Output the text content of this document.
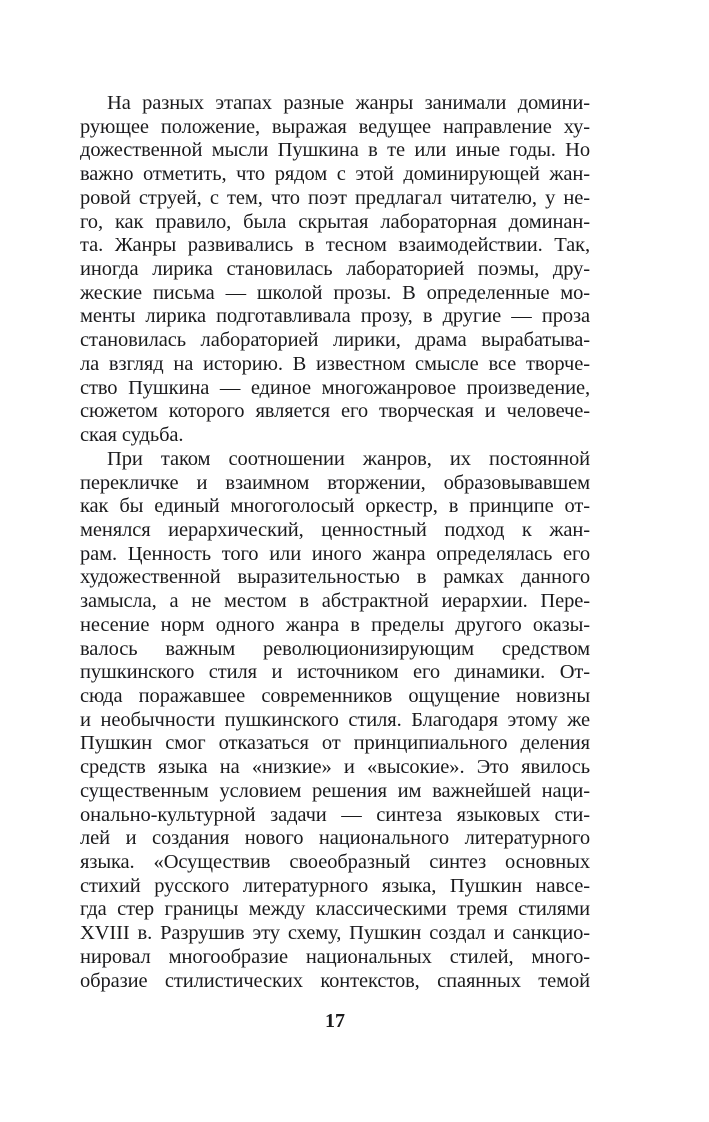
На разных этапах разные жанры занимали домини-
рующее положение, выражая ведущее направление ху-
дожественной мысли Пушкина в те или иные годы. Но
важно отметить, что рядом с этой доминирующей жан-
ровой струей, с тем, что поэт предлагал читателю, у не-
го, как правило, была скрытая лабораторная доминан-
та. Жанры развивались в тесном взаимодействии. Так,
иногда лирика становилась лабораторией поэмы, дру-
жеские письма — школой прозы. В определенные мо-
менты лирика подготавливала прозу, в другие — проза
становилась лабораторией лирики, драма вырабатыва-
ла взгляд на историю. В известном смысле все творче-
ство Пушкина — единое многожанровое произведение,
сюжетом которого является его творческая и человече-
ская судьба.
При таком соотношении жанров, их постоянной
перекличке и взаимном вторжении, образовывавшем
как бы единый многоголосый оркестр, в принципе от-
менялся иерархический, ценностный подход к жан-
рам. Ценность того или иного жанра определялась его
художественной выразительностью в рамках данного
замысла, а не местом в абстрактной иерархии. Пере-
несение норм одного жанра в пределы другого оказы-
валось важным революционизирующим средством
пушкинского стиля и источником его динамики. От-
сюда поражавшее современников ощущение новизны
и необычности пушкинского стиля. Благодаря этому же
Пушкин смог отказаться от принципиального деления
средств языка на «низкие» и «высокие». Это явилось
существенным условием решения им важнейшей наци-
онально-культурной задачи — синтеза языковых сти-
лей и создания нового национального литературного
языка. «Осуществив своеобразный синтез основных
стихий русского литературного языка, Пушкин навсе-
гда стер границы между классическими тремя стилями
XVIII в. Разрушив эту схему, Пушкин создал и санкцио-
нировал многообразие национальных стилей, много-
образие стилистических контекстов, спаянных темой
17
